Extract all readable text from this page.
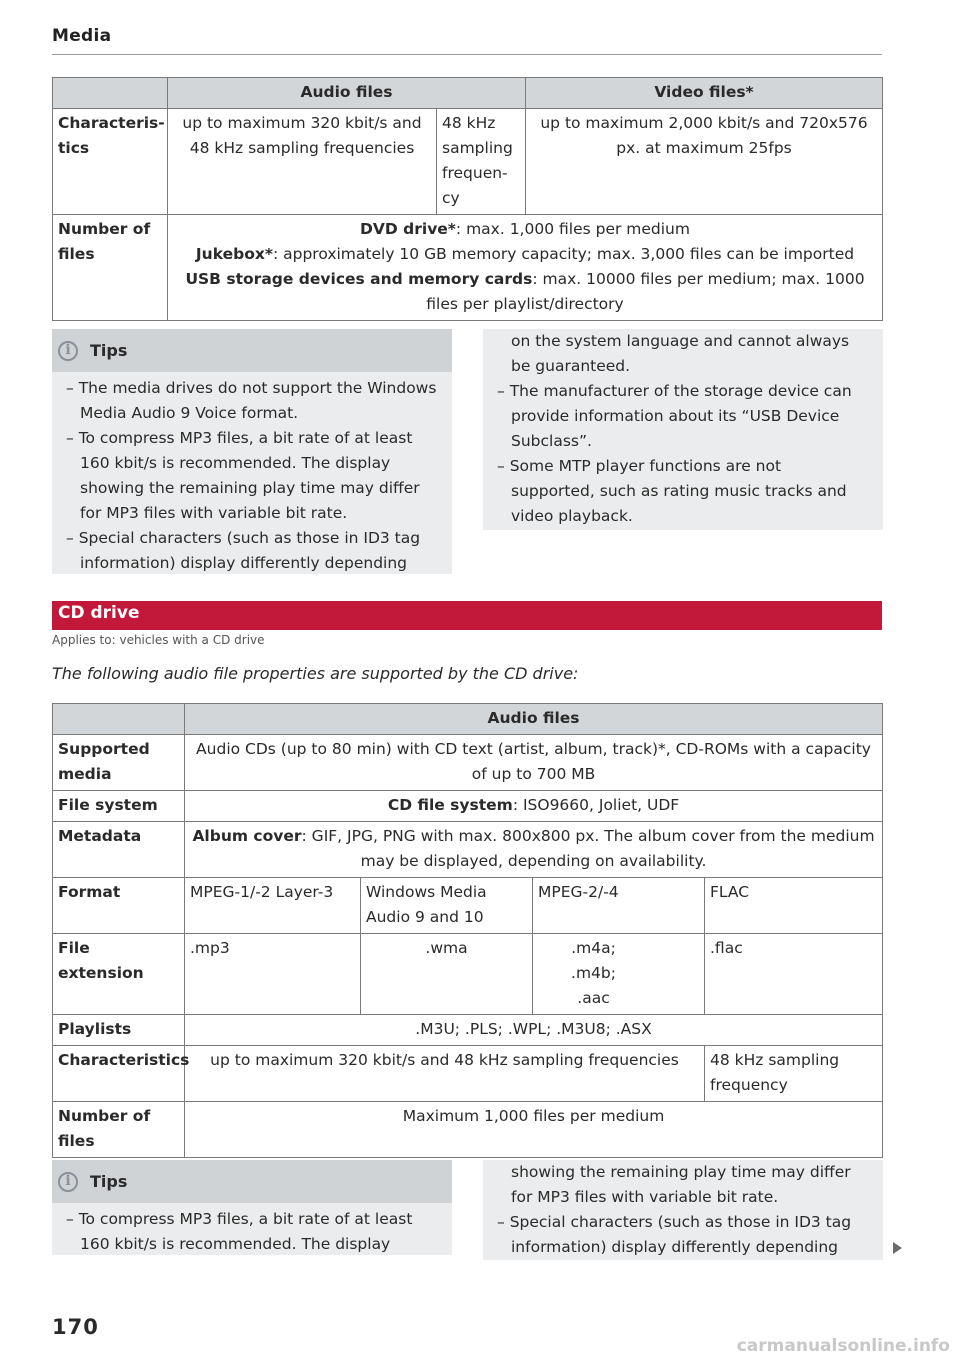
Media
	Audio files		Video files*
Characteris-tics	up to maximum 320 kbit/s and 48 kHz sampling frequencies	48 kHz sampling frequen-cy	up to maximum 2,000 kbit/s and 720x576 px. at maximum 25fps
Number of files	DVD drive*: max. 1,000 files per medium
Jukebox*: approximately 10 GB memory capacity; max. 3,000 files can be imported
USB storage devices and memory cards: max. 10000 files per medium; max. 1000 files per playlist/directory		
i	Tips
– The media drives do not support the Windows Media Audio 9 Voice format.
– To compress MP3 files, a bit rate of at least 160 kbit/s is recommended. The display showing the remaining play time may differ for MP3 files with variable bit rate.
– Special characters (such as those in ID3 tag information) display differently depending
on the system language and cannot always be guaranteed.
– The manufacturer of the storage device can provide information about its “USB Device Subclass”.
– Some MTP player functions are not supported, such as rating music tracks and video playback.
CD drive
Applies to: vehicles with a CD drive
The following audio file properties are supported by the CD drive:
	Audio files			
Supported media	Audio CDs (up to 80 min) with CD text (artist, album, track)*, CD-ROMs with a capacity of up to 700 MB			
File system	CD file system: ISO9660, Joliet, UDF			
Metadata	Album cover: GIF, JPG, PNG with max. 800x800 px. The album cover from the medium may be displayed, depending on availability.			
Format	MPEG-1/-2 Layer-3	Windows Media Audio 9 and 10	MPEG-2/-4	FLAC
File extension	.mp3	.wma	.m4a; .m4b; .aac	.flac
Playlists	.M3U; .PLS; .WPL; .M3U8; .ASX			
Characteristics	up to maximum 320 kbit/s and 48 kHz sampling frequencies			48 kHz sampling frequency
Number of files	Maximum 1,000 files per medium			
i	Tips
– To compress MP3 files, a bit rate of at least 160 kbit/s is recommended. The display
showing the remaining play time may differ for MP3 files with variable bit rate.
– Special characters (such as those in ID3 tag information) display differently depending
170
carmanualsonline.info
